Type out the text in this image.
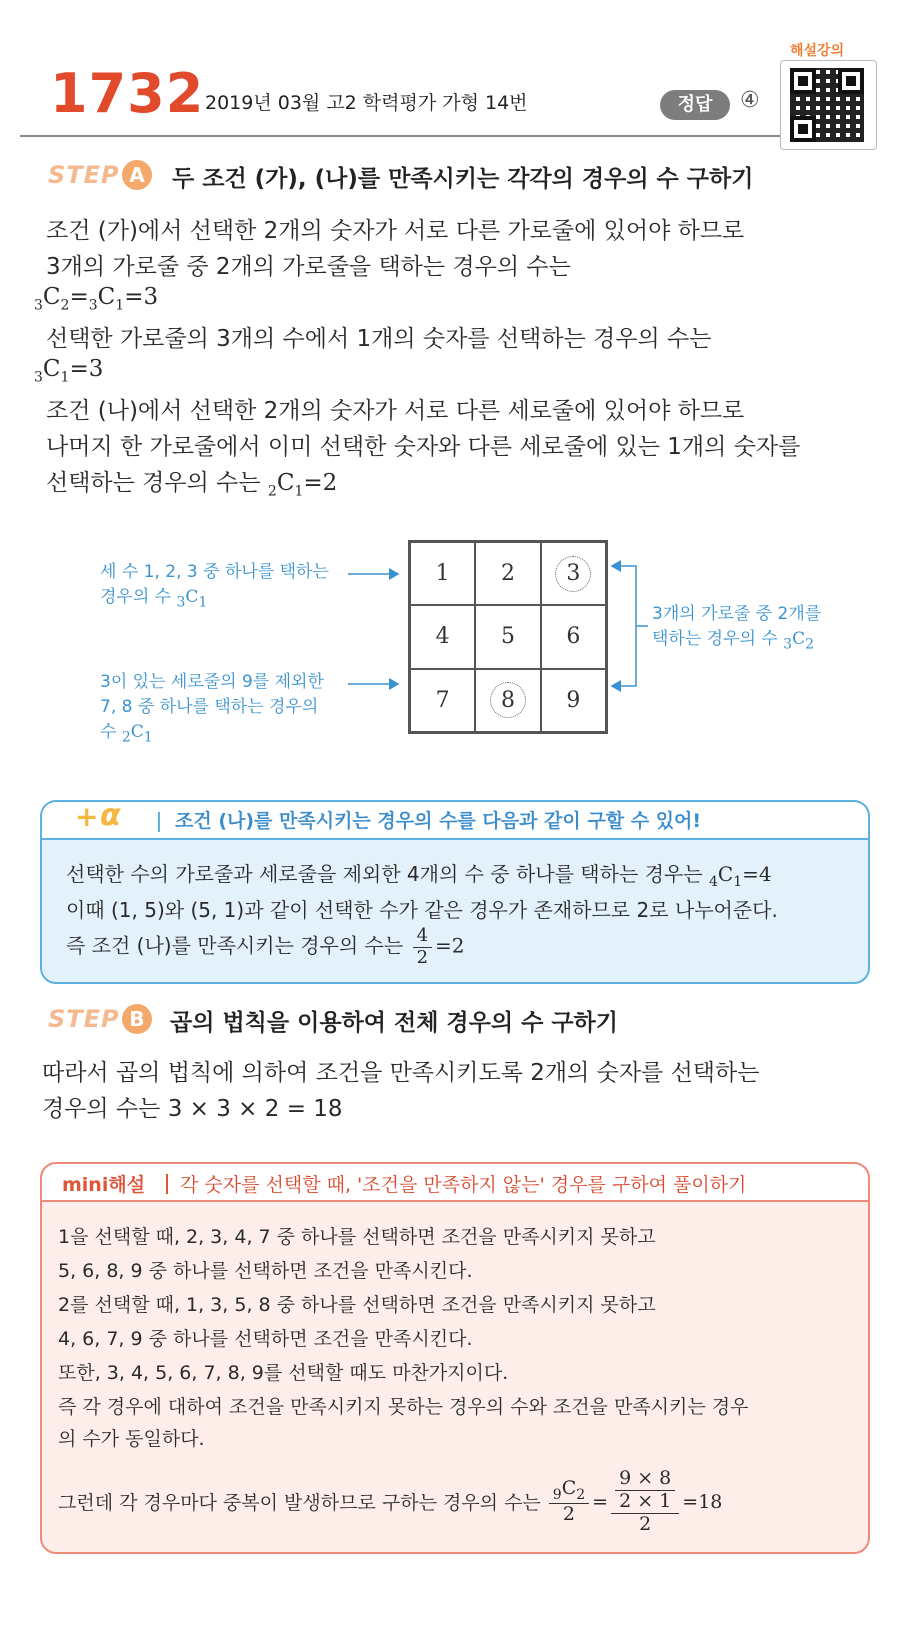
1732 2019년 03월 고2 학력평가 가형 14번	정답	④
해설강의
STEP A	두 조건 (가), (나)를 만족시키는 각각의 경우의 수 구하기
조건 (가)에서 선택한 2개의 숫자가 서로 다른 가로줄에 있어야 하므로
3개의 가로줄 중 2개의 가로줄을 택하는 경우의 수는
$_3C_2=_3C_1=3$
선택한 가로줄의 3개의 수에서 1개의 숫자를 선택하는 경우의 수는
$_3C_1=3$
조건 (나)에서 선택한 2개의 숫자가 서로 다른 세로줄에 있어야 하므로
나머지 한 가로줄에서 이미 선택한 숫자와 다른 세로줄에 있는 1개의 숫자를
선택하는 경우의 수는 $_2C_1=2$
1 2	3
4 5 6
7	8	9
세 수 1, 2, 3 중 하나를 택하는
경우의 수 $_3C_1$
3이 있는 세로줄의 9를 제외한
7, 8 중 하나를 택하는 경우의
수 $_2C_1$
3개의 가로줄 중 2개를
택하는 경우의 수 $_3C_2$
+ α	조건 (나)를 만족시키는 경우의 수를 다음과 같이 구할 수 있어!
선택한 수의 가로줄과 세로줄을 제외한 4개의 수 중 하나를 택하는 경우는 $_4C_1=4$
이때 (1, 5)와 (5, 1)과 같이 선택한 수가 같은 경우가 존재하므로 2로 나누어준다.
즉 조건 (나)를 만족시키는 경우의 수는 $\frac{4}{2} =2$
STEP B	곱의 법칙을 이용하여 전체 경우의 수 구하기
따라서 곱의 법칙에 의하여 조건을 만족시키도록 2개의 숫자를 선택하는
경우의 수는 3 × 3 × 2 = 18
mini해설 각 숫자를 선택할 때, '조건을 만족하지 않는' 경우를 구하여 풀이하기
1을 선택할 때, 2, 3, 4, 7 중 하나를 선택하면 조건을 만족시키지 못하고
5, 6, 8, 9 중 하나를 선택하면 조건을 만족시킨다.
2를 선택할 때, 1, 3, 5, 8 중 하나를 선택하면 조건을 만족시키지 못하고
4, 6, 7, 9 중 하나를 선택하면 조건을 만족시킨다.
또한, 3, 4, 5, 6, 7, 8, 9를 선택할 때도 마찬가지이다.
즉 각 경우에 대하여 조건을 만족시키지 못하는 경우의 수와 조건을 만족시키는 경우
의 수가 동일하다.
그런데 각 경우마다 중복이 발생하므로 구하는 경우의 수는 $\frac{_9C_2}{2} = 9 \times 8$
2 × 1
2 =18
